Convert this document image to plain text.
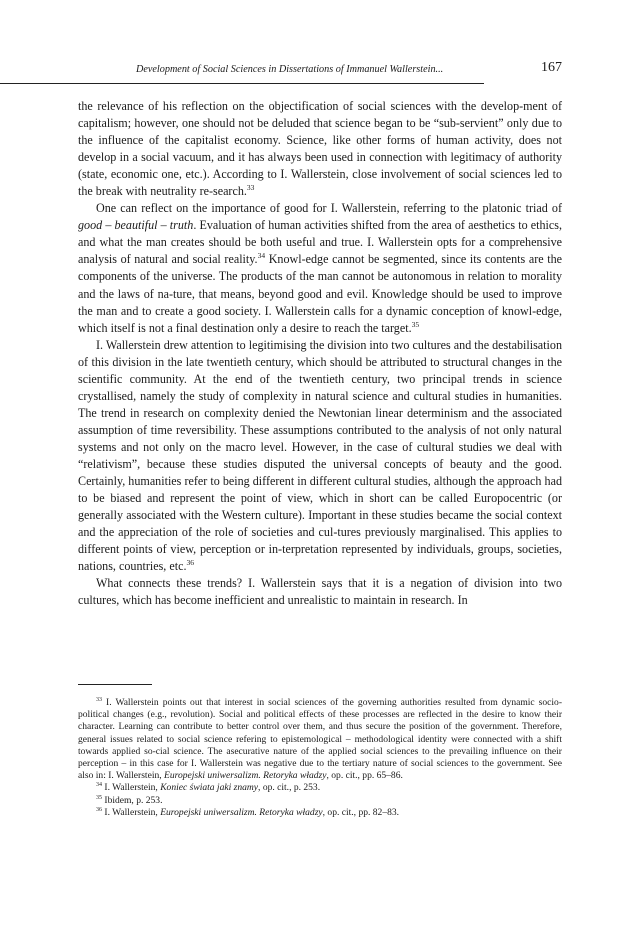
Development of Social Sciences in Dissertations of Immanuel Wallerstein...	167

the relevance of his reflection on the objectification of social sciences with the develop-ment of capitalism; however, one should not be deluded that science began to be “sub-servient” only due to the influence of the capitalist economy. Science, like other forms of human activity, does not develop in a social vacuum, and it has always been used in connection with legitimacy of authority (state, economic one, etc.). According to I. Wallerstein, close involvement of social sciences led to the break with neutrality re-search.$^{33}$

One can reflect on the importance of good for I. Wallerstein, referring to the platonic triad of good – beautiful – truth. Evaluation of human activities shifted from the area of aesthetics to ethics, and what the man creates should be both useful and true. I. Wallerstein opts for a comprehensive analysis of natural and social reality.$^{34}$ Knowl-edge cannot be segmented, since its contents are the components of the universe. The products of the man cannot be autonomous in relation to morality and the laws of na-ture, that means, beyond good and evil. Knowledge should be used to improve the man and to create a good society. I. Wallerstein calls for a dynamic conception of knowl-edge, which itself is not a final destination only a desire to reach the target.$^{35}$

I. Wallerstein drew attention to legitimising the division into two cultures and the destabilisation of this division in the late twentieth century, which should be attributed to structural changes in the scientific community. At the end of the twentieth century, two principal trends in science crystallised, namely the study of complexity in natural science and cultural studies in humanities. The trend in research on complexity denied the Newtonian linear determinism and the associated assumption of time reversibility. These assumptions contributed to the analysis of not only natural systems and not only on the macro level. However, in the case of cultural studies we deal with “relativism”, because these studies disputed the universal concepts of beauty and the good. Certainly, humanities refer to being different in different cultural studies, although the approach had to be biased and represent the point of view, which in short can be called Europocentric (or generally associated with the Western culture). Important in these studies became the social context and the appreciation of the role of societies and cul-tures previously marginalised. This applies to different points of view, perception or in-terpretation represented by individuals, groups, societies, nations, countries, etc.$^{36}$

What connects these trends? I. Wallerstein says that it is a negation of division into two cultures, which has become inefficient and unrealistic to maintain in research. In

$^{33}$ I. Wallerstein points out that interest in social sciences of the governing authorities resulted from dynamic socio-political changes (e.g., revolution). Social and political effects of these processes are reflected in the desire to know their character. Learning can contribute to better control over them, and thus secure the position of the government. Therefore, general issues related to social science refering to epistemological – methodological identity were connected with a shift towards applied so-cial science. The asecurative nature of the applied social sciences to the prevailing influence on their perception – in this case for I. Wallerstein was negative due to the tertiary nature of social sciences to the government. See also in: I. Wallerstein, Europejski uniwersalizm. Retoryka władzy, op. cit., pp. 65–86.

$^{34}$ I. Wallerstein, Koniec świata jaki znamy, op. cit., p. 253.

$^{35}$ Ibidem, p. 253.

$^{36}$ I. Wallerstein, Europejski uniwersalizm. Retoryka władzy, op. cit., pp. 82–83.
